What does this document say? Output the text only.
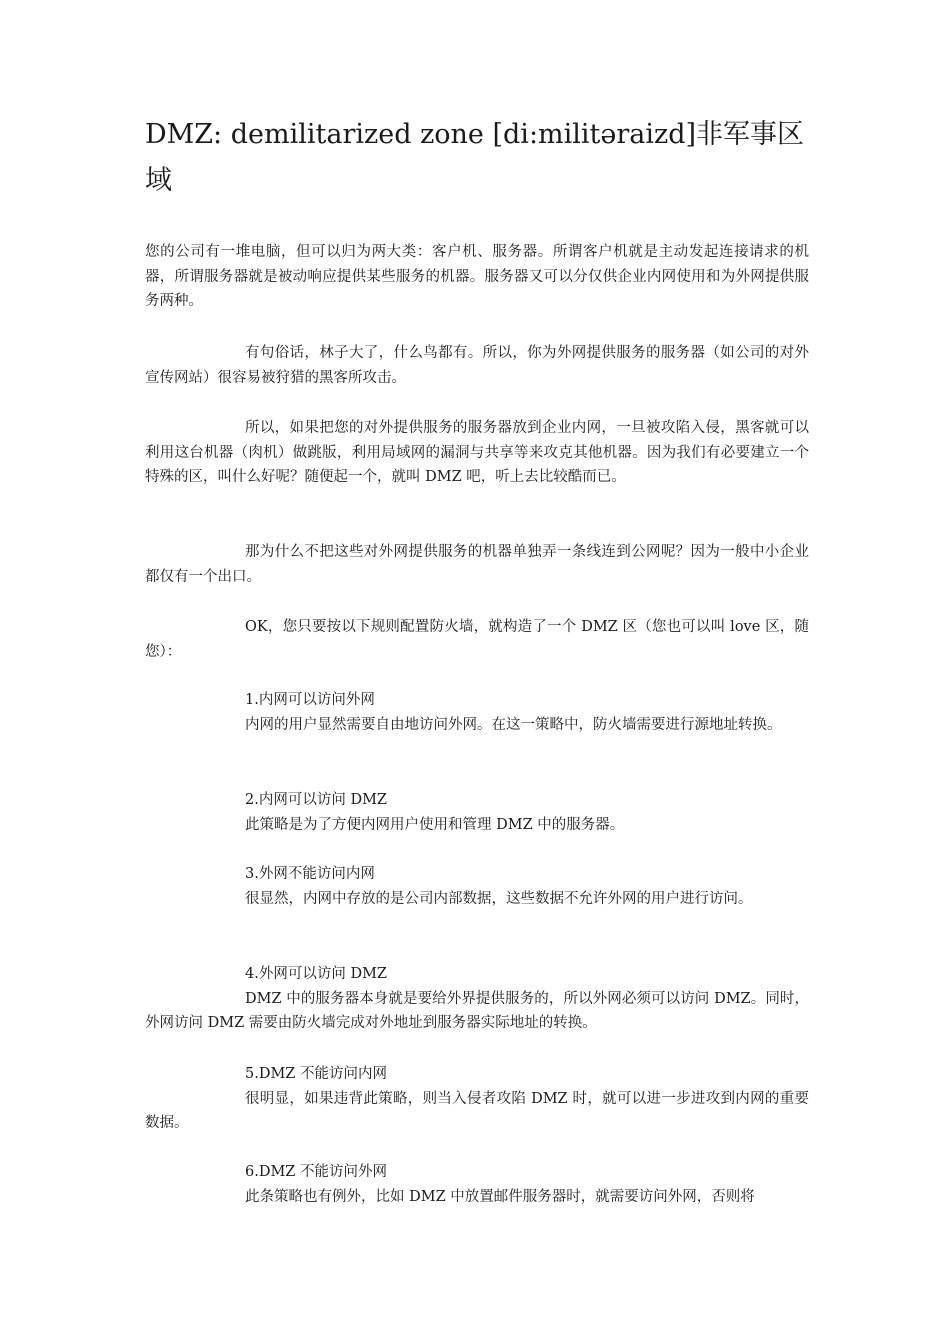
DMZ: demilitarized zone [di:militəraizd]非军事区域

您的公司有一堆电脑，但可以归为两大类：客户机、服务器。所谓客户机就是主动发起连接请求的机器，所谓服务器就是被动响应提供某些服务的机器。服务器又可以分仅供企业内网使用和为外网提供服务两种。

有句俗话，林子大了，什么鸟都有。所以，你为外网提供服务的服务器（如公司的对外宣传网站）很容易被狩猎的黑客所攻击。

所以，如果把您的对外提供服务的服务器放到企业内网，一旦被攻陷入侵，黑客就可以利用这台机器（肉机）做跳版，利用局域网的漏洞与共享等来攻克其他机器。因为我们有必要建立一个特殊的区，叫什么好呢？随便起一个，就叫 DMZ 吧，听上去比较酷而已。

那为什么不把这些对外网提供服务的机器单独弄一条线连到公网呢？因为一般中小企业都仅有一个出口。

OK，您只要按以下规则配置防火墙，就构造了一个 DMZ 区（您也可以叫 love 区，随您）：

1.内网可以访问外网
内网的用户显然需要自由地访问外网。在这一策略中，防火墙需要进行源地址转换。
2.内网可以访问 DMZ
此策略是为了方便内网用户使用和管理 DMZ 中的服务器。
3.外网不能访问内网
很显然，内网中存放的是公司内部数据，这些数据不允许外网的用户进行访问。
4.外网可以访问 DMZ
DMZ 中的服务器本身就是要给外界提供服务的，所以外网必须可以访问 DMZ。同时，外网访问 DMZ 需要由防火墙完成对外地址到服务器实际地址的转换。
5.DMZ 不能访问内网
很明显，如果违背此策略，则当入侵者攻陷 DMZ 时，就可以进一步进攻到内网的重要数据。
6.DMZ 不能访问外网
此条策略也有例外，比如 DMZ 中放置邮件服务器时，就需要访问外网，否则将
